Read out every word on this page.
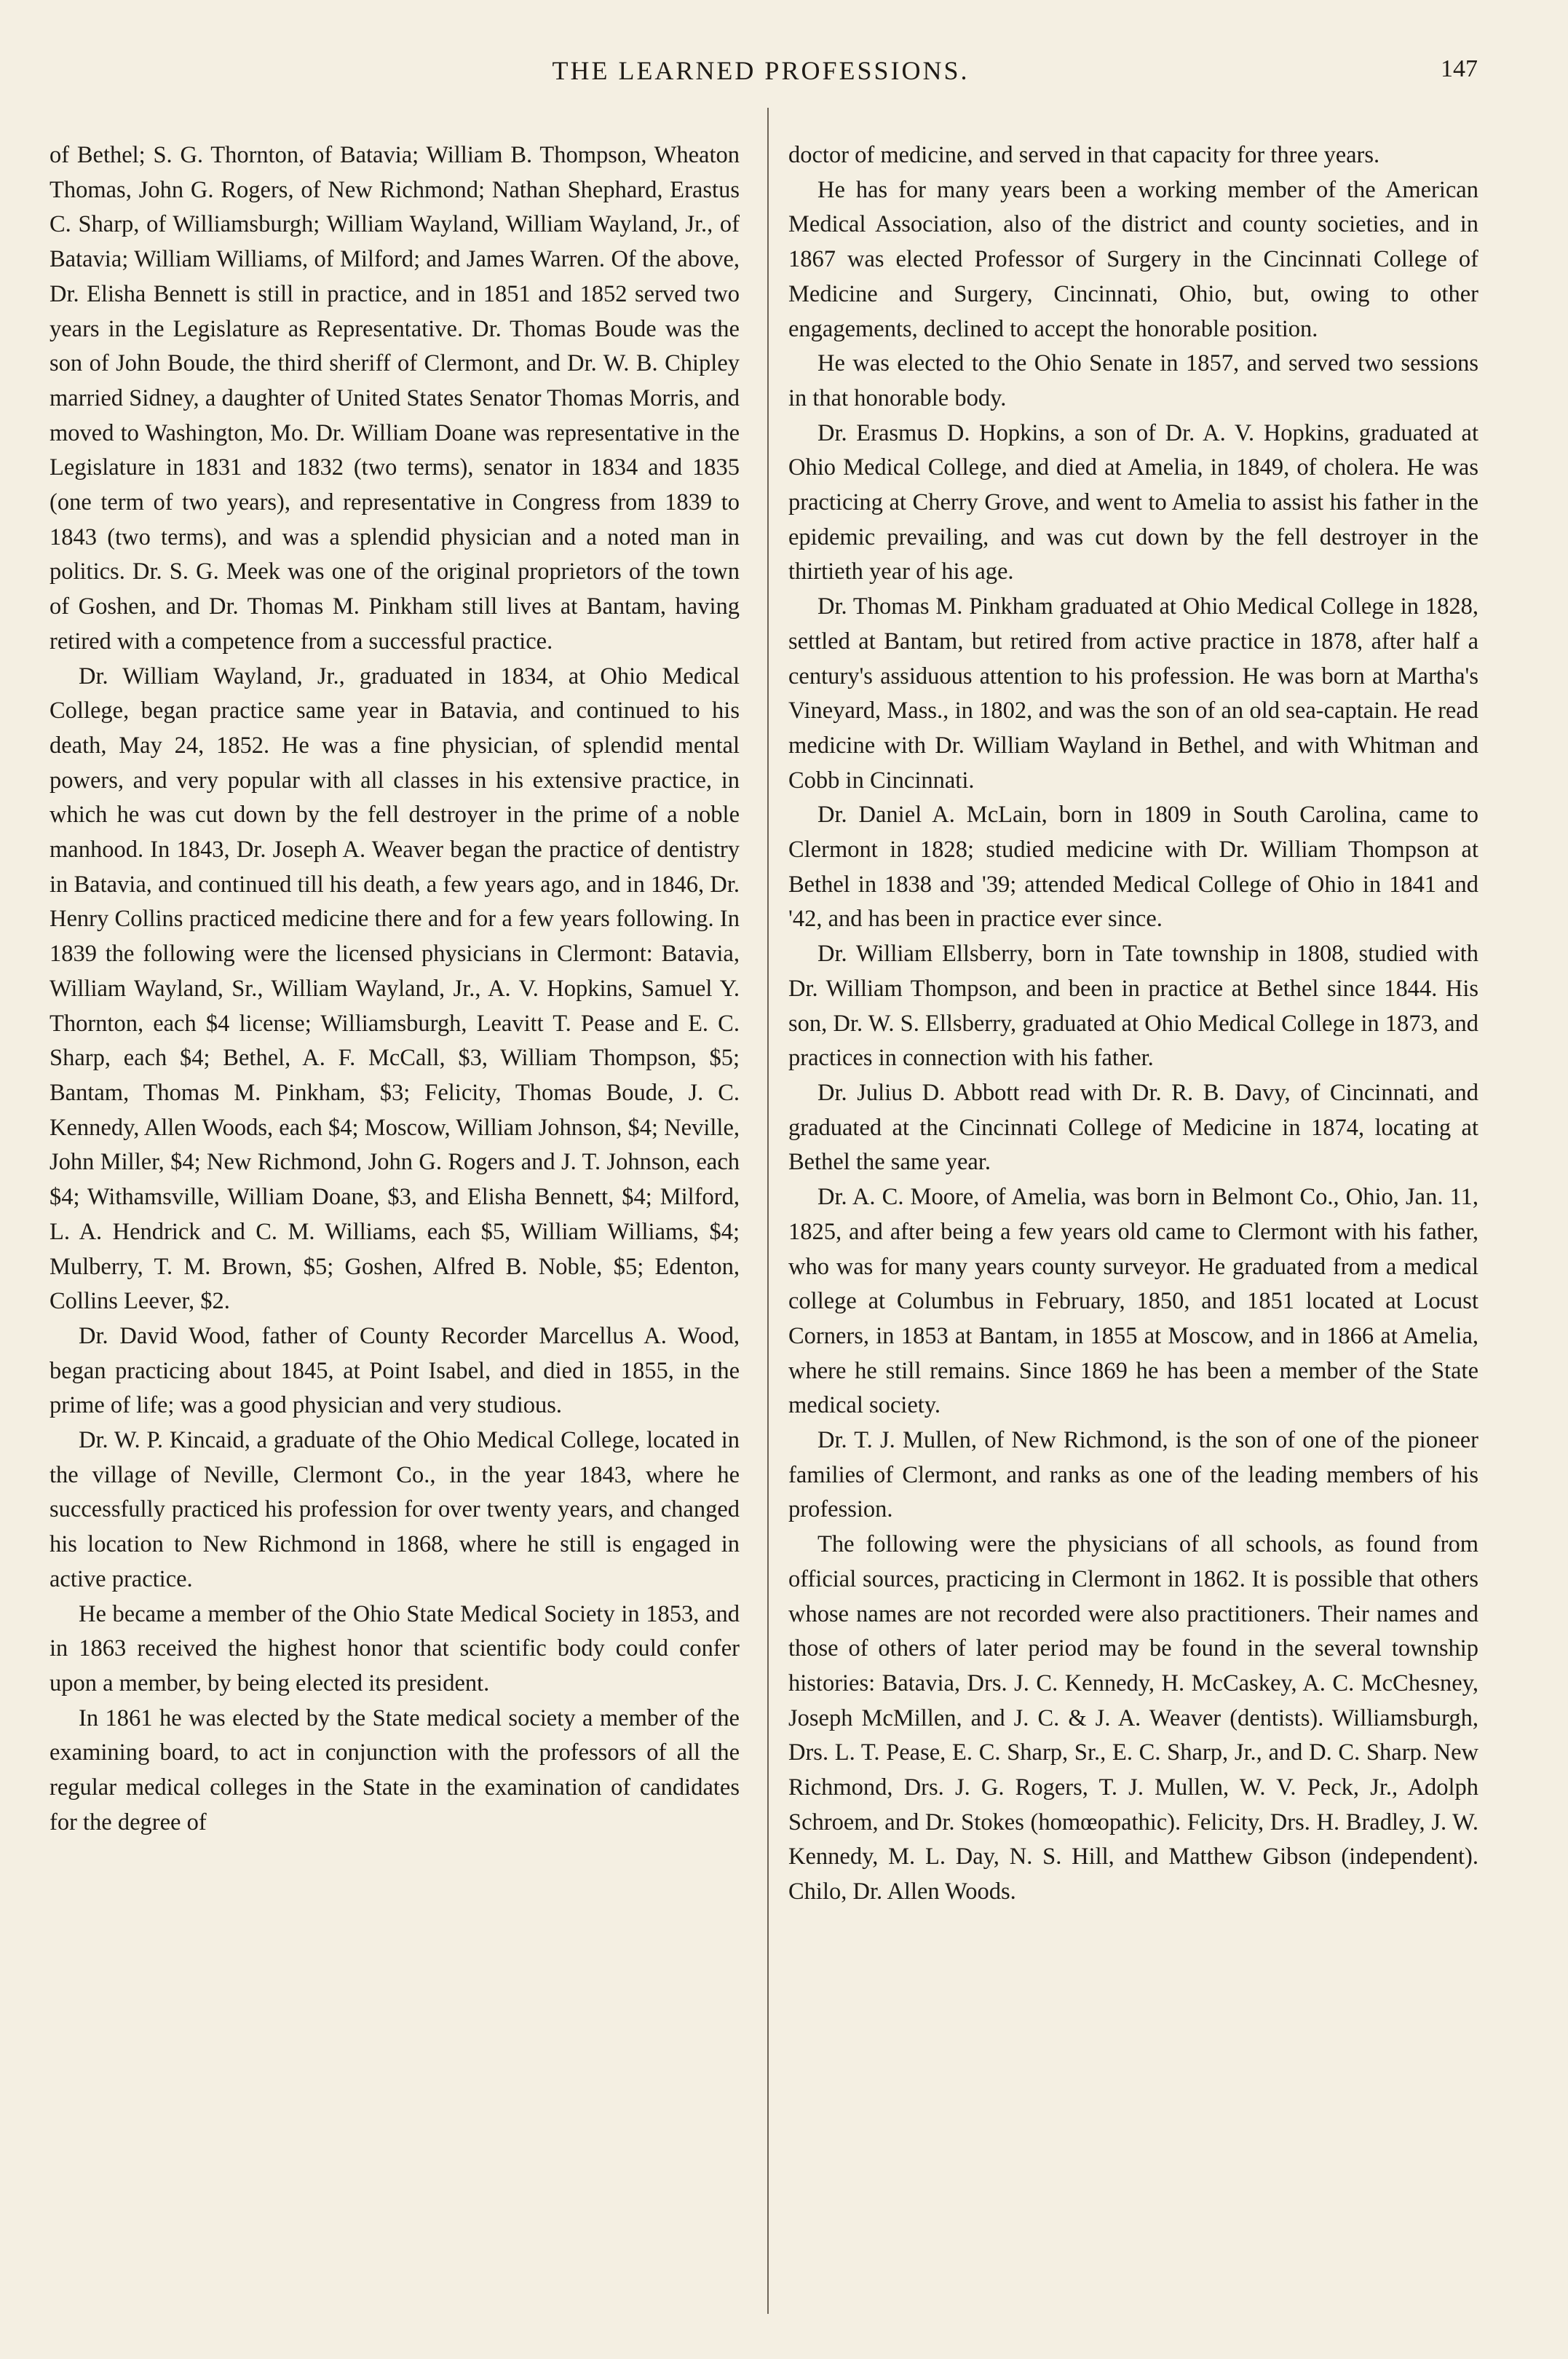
THE LEARNED PROFESSIONS.	147

of Bethel; S. G. Thornton, of Batavia; William B. Thompson, Wheaton Thomas, John G. Rogers, of New Richmond; Nathan Shephard, Erastus C. Sharp, of Williamsburgh; William Wayland, William Wayland, Jr., of Batavia; William Williams, of Milford; and James Warren. Of the above, Dr. Elisha Bennett is still in practice, and in 1851 and 1852 served two years in the Legislature as Representative. Dr. Thomas Boude was the son of John Boude, the third sheriff of Clermont, and Dr. W. B. Chipley married Sidney, a daughter of United States Senator Thomas Morris, and moved to Washington, Mo. Dr. William Doane was representative in the Legislature in 1831 and 1832 (two terms), senator in 1834 and 1835 (one term of two years), and representative in Congress from 1839 to 1843 (two terms), and was a splendid physician and a noted man in politics. Dr. S. G. Meek was one of the original proprietors of the town of Goshen, and Dr. Thomas M. Pinkham still lives at Bantam, having retired with a competence from a successful practice.

Dr. William Wayland, Jr., graduated in 1834, at Ohio Medical College, began practice same year in Batavia, and continued to his death, May 24, 1852. He was a fine physician, of splendid mental powers, and very popular with all classes in his extensive practice, in which he was cut down by the fell destroyer in the prime of a noble manhood. In 1843, Dr. Joseph A. Weaver began the practice of dentistry in Batavia, and continued till his death, a few years ago, and in 1846, Dr. Henry Collins practiced medicine there and for a few years following. In 1839 the following were the licensed physicians in Clermont: Batavia, William Wayland, Sr., William Wayland, Jr., A. V. Hopkins, Samuel Y. Thornton, each $4 license; Williamsburgh, Leavitt T. Pease and E. C. Sharp, each $4; Bethel, A. F. McCall, $3, William Thompson, $5; Bantam, Thomas M. Pinkham, $3; Felicity, Thomas Boude, J. C. Kennedy, Allen Woods, each $4; Moscow, William Johnson, $4; Neville, John Miller, $4; New Richmond, John G. Rogers and J. T. Johnson, each $4; Withamsville, William Doane, $3, and Elisha Bennett, $4; Milford, L. A. Hendrick and C. M. Williams, each $5, William Williams, $4; Mulberry, T. M. Brown, $5; Goshen, Alfred B. Noble, $5; Edenton, Collins Leever, $2.

Dr. David Wood, father of County Recorder Marcellus A. Wood, began practicing about 1845, at Point Isabel, and died in 1855, in the prime of life; was a good physician and very studious.

Dr. W. P. Kincaid, a graduate of the Ohio Medical College, located in the village of Neville, Clermont Co., in the year 1843, where he successfully practiced his profession for over twenty years, and changed his location to New Richmond in 1868, where he still is engaged in active practice.

He became a member of the Ohio State Medical Society in 1853, and in 1863 received the highest honor that scientific body could confer upon a member, by being elected its president.

In 1861 he was elected by the State medical society a member of the examining board, to act in conjunction with the professors of all the regular medical colleges in the State in the examination of candidates for the degree of

doctor of medicine, and served in that capacity for three years.

He has for many years been a working member of the American Medical Association, also of the district and county societies, and in 1867 was elected Professor of Surgery in the Cincinnati College of Medicine and Surgery, Cincinnati, Ohio, but, owing to other engagements, declined to accept the honorable position.

He was elected to the Ohio Senate in 1857, and served two sessions in that honorable body.

Dr. Erasmus D. Hopkins, a son of Dr. A. V. Hopkins, graduated at Ohio Medical College, and died at Amelia, in 1849, of cholera. He was practicing at Cherry Grove, and went to Amelia to assist his father in the epidemic prevailing, and was cut down by the fell destroyer in the thirtieth year of his age.

Dr. Thomas M. Pinkham graduated at Ohio Medical College in 1828, settled at Bantam, but retired from active practice in 1878, after half a century's assiduous attention to his profession. He was born at Martha's Vineyard, Mass., in 1802, and was the son of an old sea-captain. He read medicine with Dr. William Wayland in Bethel, and with Whitman and Cobb in Cincinnati.

Dr. Daniel A. McLain, born in 1809 in South Carolina, came to Clermont in 1828; studied medicine with Dr. William Thompson at Bethel in 1838 and '39; attended Medical College of Ohio in 1841 and '42, and has been in practice ever since.

Dr. William Ellsberry, born in Tate township in 1808, studied with Dr. William Thompson, and been in practice at Bethel since 1844. His son, Dr. W. S. Ellsberry, graduated at Ohio Medical College in 1873, and practices in connection with his father.

Dr. Julius D. Abbott read with Dr. R. B. Davy, of Cincinnati, and graduated at the Cincinnati College of Medicine in 1874, locating at Bethel the same year.

Dr. A. C. Moore, of Amelia, was born in Belmont Co., Ohio, Jan. 11, 1825, and after being a few years old came to Clermont with his father, who was for many years county surveyor. He graduated from a medical college at Columbus in February, 1850, and 1851 located at Locust Corners, in 1853 at Bantam, in 1855 at Moscow, and in 1866 at Amelia, where he still remains. Since 1869 he has been a member of the State medical society.

Dr. T. J. Mullen, of New Richmond, is the son of one of the pioneer families of Clermont, and ranks as one of the leading members of his profession.

The following were the physicians of all schools, as found from official sources, practicing in Clermont in 1862. It is possible that others whose names are not recorded were also practitioners. Their names and those of others of later period may be found in the several township histories: Batavia, Drs. J. C. Kennedy, H. McCaskey, A. C. McChesney, Joseph McMillen, and J. C. & J. A. Weaver (dentists). Williamsburgh, Drs. L. T. Pease, E. C. Sharp, Sr., E. C. Sharp, Jr., and D. C. Sharp. New Richmond, Drs. J. G. Rogers, T. J. Mullen, W. V. Peck, Jr., Adolph Schroem, and Dr. Stokes (homœopathic). Felicity, Drs. H. Bradley, J. W. Kennedy, M. L. Day, N. S. Hill, and Matthew Gibson (independent). Chilo, Dr. Allen Woods.
